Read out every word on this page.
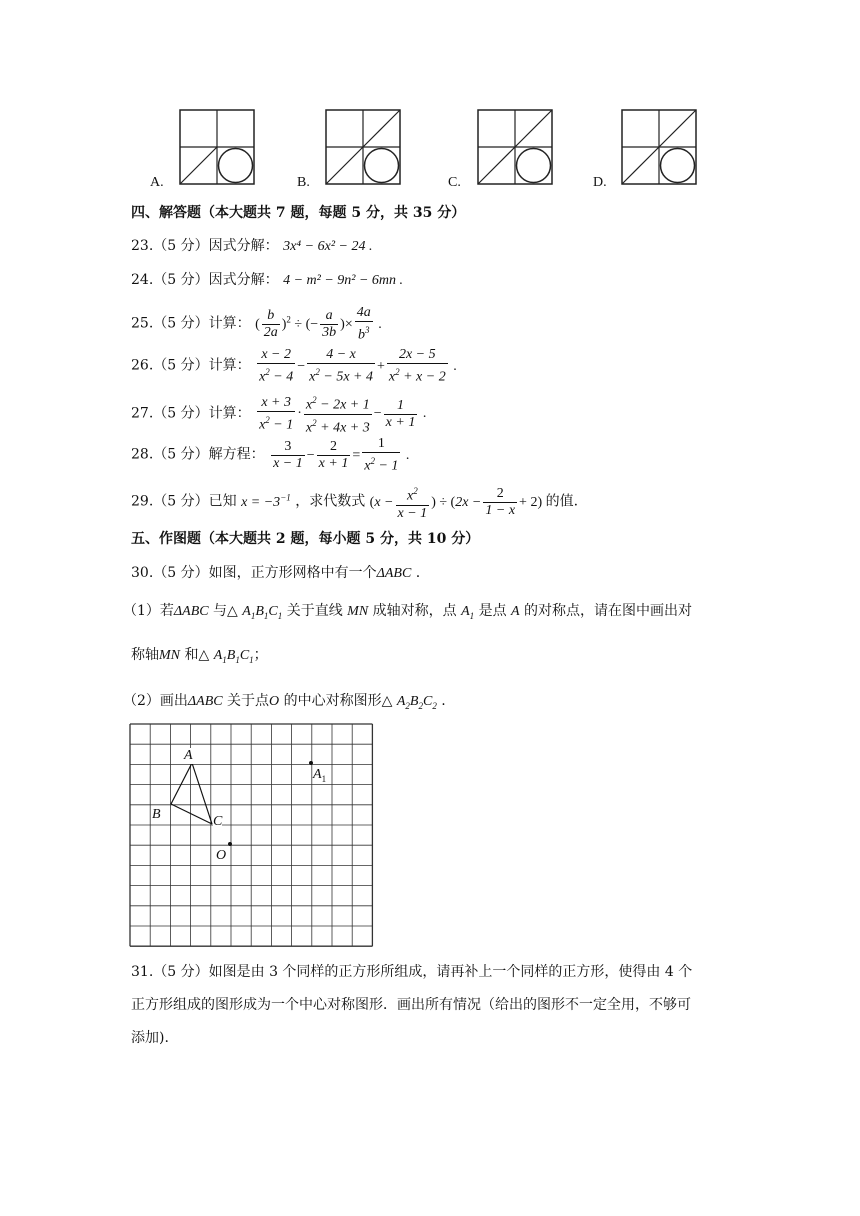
A.	B.	C.	D.
四、解答题（本大题共 7 题，每题 5 分，共 35 分）
23.（5 分）因式分解： 3x⁴ − 6x² − 24 .
24.（5 分）因式分解： 4 − m² − 9n² − 6mn .
25.（5 分）计算： ( $\frac{b}{2a} )^2$ ÷ (− $\frac{a}{3b}$ )× $\frac{4a}{b^3}$ .
26.（5 分）计算： $\frac{x - 2}{x^2 - 4} - \frac{4 - x}{x^2 - 5x + 4} + \frac{2x - 5}{x^2 + x - 2}$ .
27.（5 分）计算： $\frac{x + 3}{x^2 - 1} \cdot \frac{x^2 - 2x + 1}{x^2 + 4x + 3} - \frac{1}{x + 1}$ .
28.（5 分）解方程： $\frac{3}{x - 1} - \frac{2}{x + 1} = \frac{1}{x^2 - 1}$ .
29.（5 分）已知 $x = -3^{-1}$ ，求代数式 ($x - \frac{x^2}{x - 1}$ ) ÷ $(2x - \frac{2}{1 - x} + 2)$ 的值.
五、作图题（本大题共 2 题，每小题 5 分，共 10 分）
30.（5 分）如图，正方形网格中有一个ΔABC .
（1）若ΔABC 与△ $A_1B_1C_1$ 关于直线 MN 成轴对称，点 $A_1$ 是点 A 的对称点，请在图中画出对
称轴MN 和△ $A_1B_1C_1$；
（2）画出ΔABC 关于点O 的中心对称图形△ $A_2B_2C_2$ .
A
B	C
O
$A_1$
31.（5 分）如图是由 3 个同样的正方形所组成，请再补上一个同样的正方形，使得由 4 个
正方形组成的图形成为一个中心对称图形．画出所有情况（给出的图形不一定全用，不够可
添加).
